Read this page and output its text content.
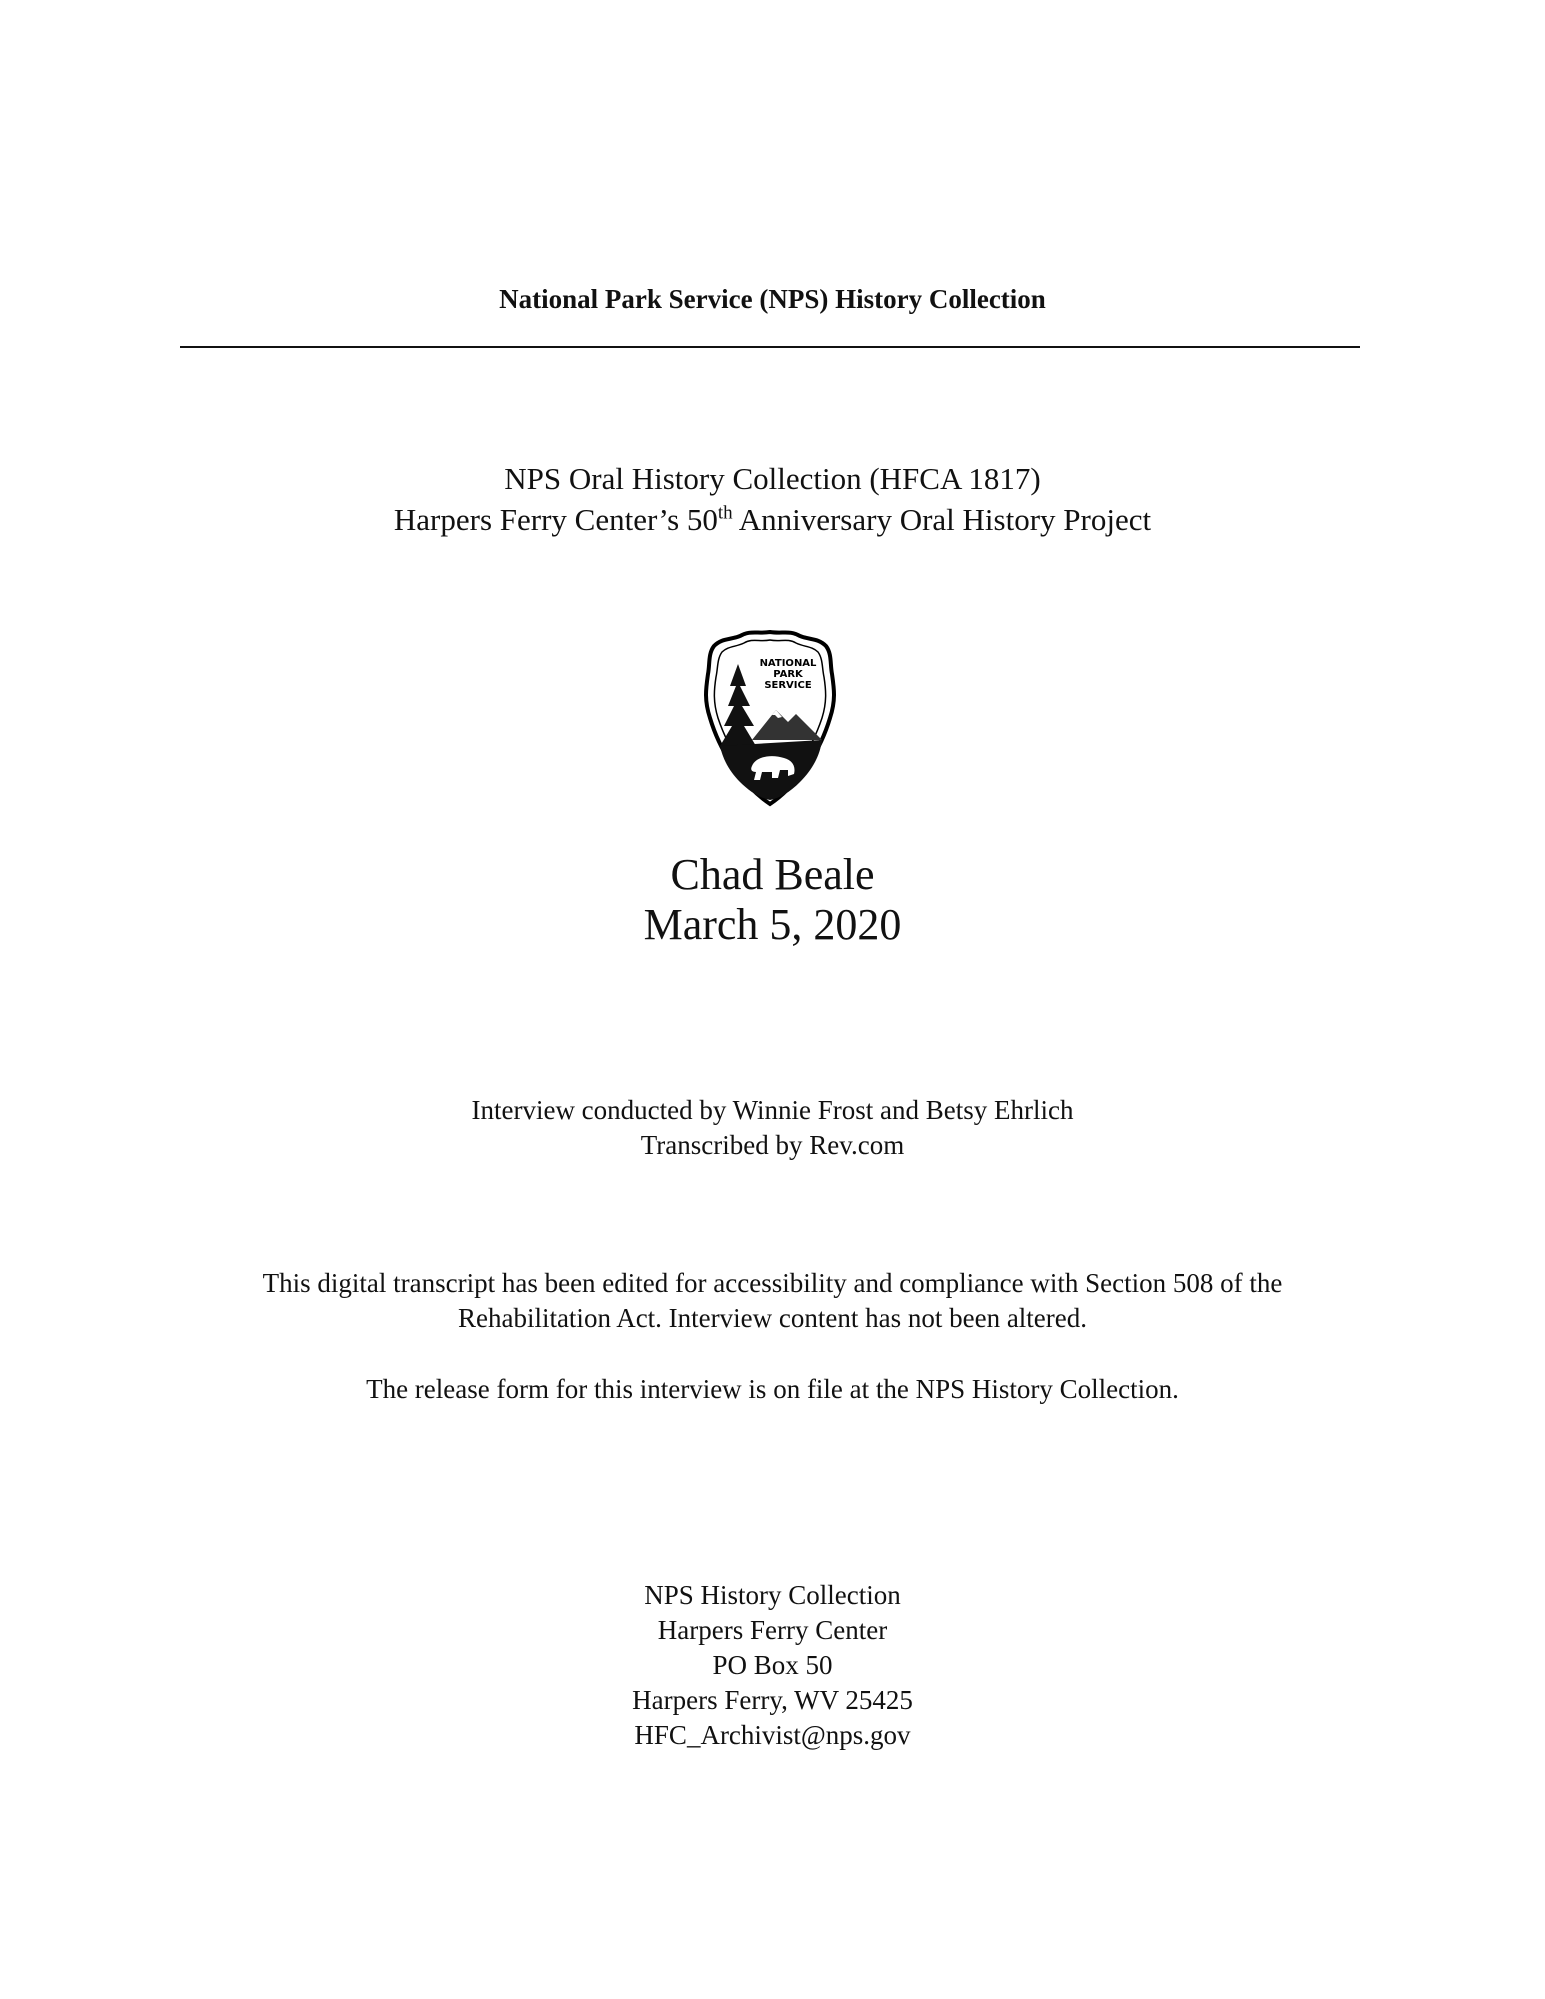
National Park Service (NPS) History Collection
NPS Oral History Collection (HFCA 1817)
Harpers Ferry Center’s 50th Anniversary Oral History Project
NATIONAL
PARK
SERVICE
Chad Beale
March 5, 2020
Interview conducted by Winnie Frost and Betsy Ehrlich
Transcribed by Rev.com
This digital transcript has been edited for accessibility and compliance with Section 508 of the
Rehabilitation Act. Interview content has not been altered.
The release form for this interview is on file at the NPS History Collection.
NPS History Collection
Harpers Ferry Center
PO Box 50
Harpers Ferry, WV 25425
HFC_Archivist@nps.gov
